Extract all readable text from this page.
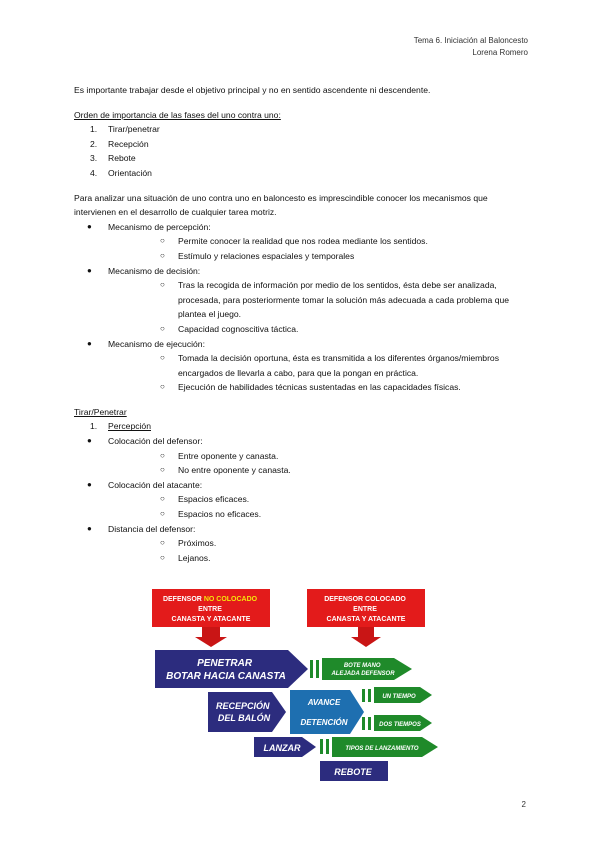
Tema 6. Iniciación al Baloncesto
Lorena Romero

Es importante trabajar desde el objetivo principal y no en sentido ascendente ni descendente.

Orden de importancia de las fases del uno contra uno:

1. Tirar/penetrar
2. Recepción
3. Rebote
4. Orientación

Para analizar una situación de uno contra uno en baloncesto es imprescindible conocer los mecanismos que intervienen en el desarrollo de cualquier tarea motriz.

● Mecanismo de percepción:
○ Permite conocer la realidad que nos rodea mediante los sentidos.
○ Estímulo y relaciones espaciales y temporales
● Mecanismo de decisión:
○ Tras la recogida de información por medio de los sentidos, ésta debe ser analizada, procesada, para posteriormente tomar la solución más adecuada a cada problema que plantea el juego.
○ Capacidad cognoscitiva táctica.
● Mecanismo de ejecución:
○ Tomada la decisión oportuna, ésta es transmitida a los diferentes órganos/miembros encargados de llevarla a cabo, para que la pongan en práctica.
○ Ejecución de habilidades técnicas sustentadas en las capacidades físicas.

Tirar/Penetrar

1. Percepción
● Colocación del defensor:
○ Entre oponente y canasta.
○ No entre oponente y canasta.
● Colocación del atacante:
○ Espacios eficaces.
○ Espacios no eficaces.
● Distancia del defensor:
○ Próximos.
○ Lejanos.
DEFENSOR NO COLOCADO ENTRE CANASTA Y ATACANTE
DEFENSOR COLOCADO ENTRE CANASTA Y ATACANTE
PENETRAR BOTAR HACIA CANASTA
BOTE MANO ALEJADA DEFENSOR
RECEPCIÓN DEL BALÓN
AVANCE
DETENCIÓN
UN TIEMPO
DOS TIEMPOS
LANZAR	TIPOS DE LANZAMIENTO
REBOTE
2
